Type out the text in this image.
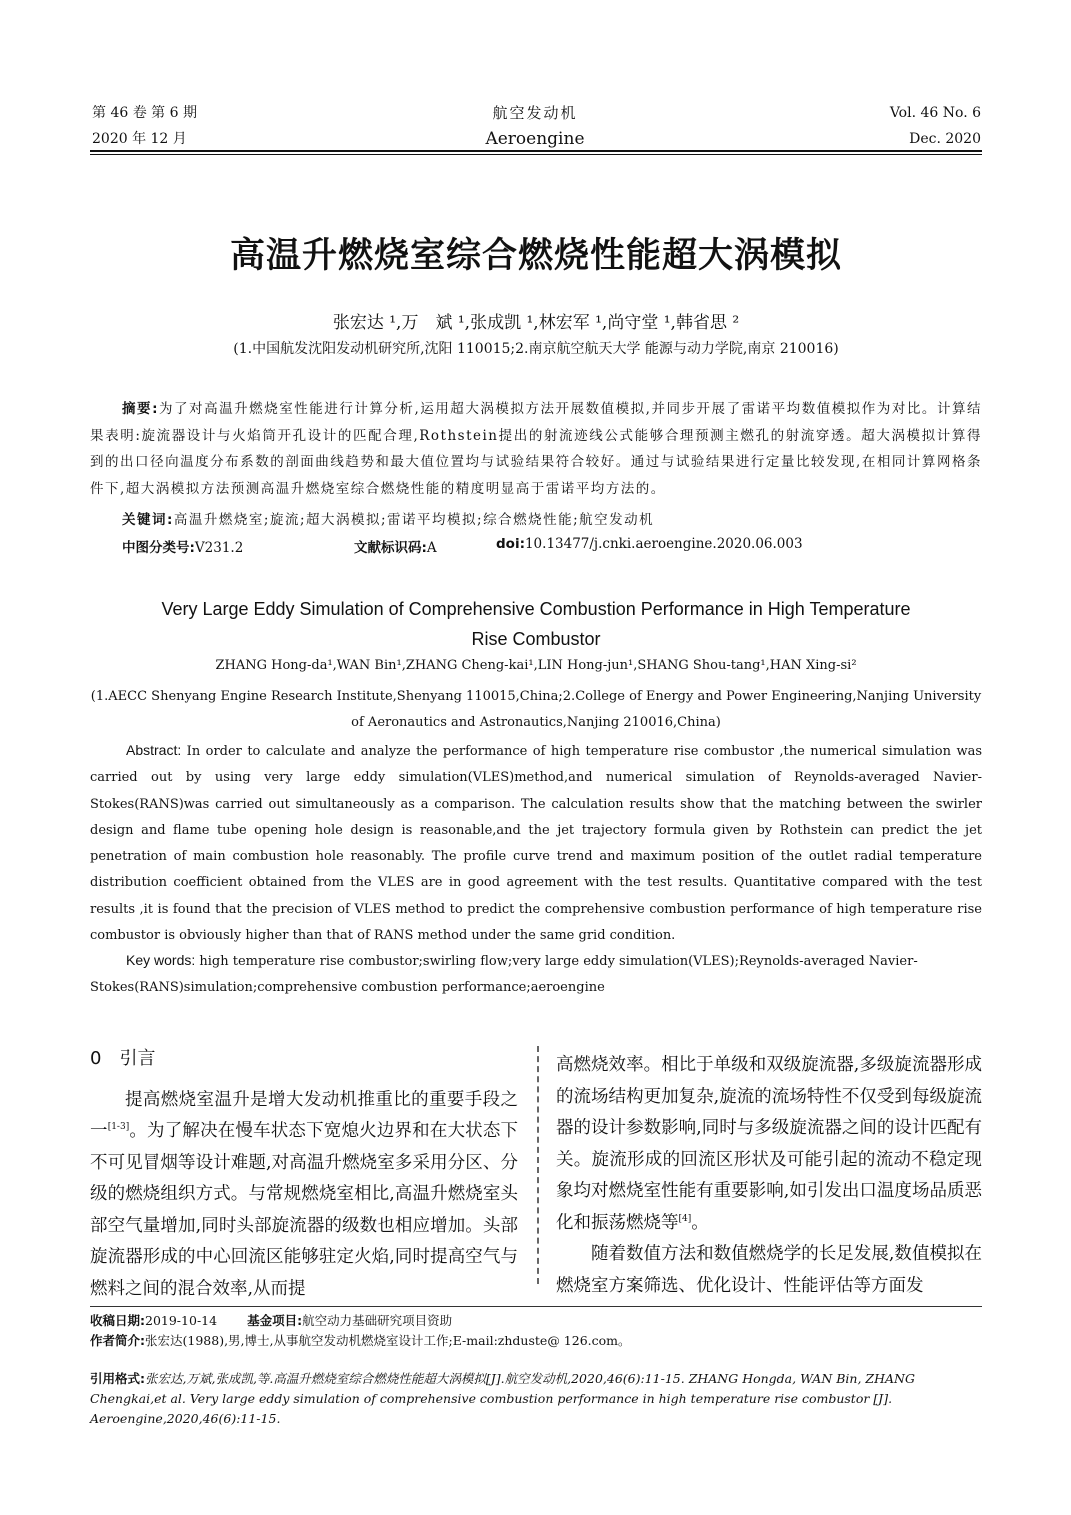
第 46 卷 第 6 期
2020 年 12 月
航空发动机
Aeroengine
Vol. 46 No. 6
Dec. 2020
高温升燃烧室综合燃烧性能超大涡模拟
张宏达 ¹,万　斌 ¹,张成凯 ¹,林宏军 ¹,尚守堂 ¹,韩省思 ²
(1.中国航发沈阳发动机研究所,沈阳 110015;2.南京航空航天大学 能源与动力学院,南京 210016)
摘要:为了对高温升燃烧室性能进行计算分析,运用超大涡模拟方法开展数值模拟,并同步开展了雷诺平均数值模拟作为对比。计算结果表明:旋流器设计与火焰筒开孔设计的匹配合理,Rothstein提出的射流迹线公式能够合理预测主燃孔的射流穿透。超大涡模拟计算得到的出口径向温度分布系数的剖面曲线趋势和最大值位置均与试验结果符合较好。通过与试验结果进行定量比较发现,在相同计算网格条件下,超大涡模拟方法预测高温升燃烧室综合燃烧性能的精度明显高于雷诺平均方法的。
关键词:高温升燃烧室;旋流;超大涡模拟;雷诺平均模拟;综合燃烧性能;航空发动机
中图分类号:V231.2	文献标识码:A	doi:10.13477/j.cnki.aeroengine.2020.06.003
Very Large Eddy Simulation of Comprehensive Combustion Performance in High Temperature Rise Combustor
ZHANG Hong-da¹,WAN Bin¹,ZHANG Cheng-kai¹,LIN Hong-jun¹,SHANG Shou-tang¹,HAN Xing-si²
(1.AECC Shenyang Engine Research Institute,Shenyang 110015,China;2.College of Energy and Power Engineering,Nanjing University of Aeronautics and Astronautics,Nanjing 210016,China)
Abstract: In order to calculate and analyze the performance of high temperature rise combustor ,the numerical simulation was carried out by using very large eddy simulation(VLES)method,and numerical simulation of Reynolds-averaged Navier-Stokes(RANS)was carried out simultaneously as a comparison. The calculation results show that the matching between the swirler design and flame tube opening hole design is reasonable,and the jet trajectory formula given by Rothstein can predict the jet penetration of main combustion hole reasonably. The profile curve trend and maximum position of the outlet radial temperature distribution coefficient obtained from the VLES are in good agreement with the test results. Quantitative compared with the test results ,it is found that the precision of VLES method to predict the comprehensive combustion performance of high temperature rise combustor is obviously higher than that of RANS method under the same grid condition.
Key words: high temperature rise combustor;swirling flow;very large eddy simulation(VLES);Reynolds-averaged Navier-Stokes(RANS)simulation;comprehensive combustion performance;aeroengine

0　引言

提高燃烧室温升是增大发动机推重比的重要手段之一[1-3]。为了解决在慢车状态下宽熄火边界和在大状态下不可见冒烟等设计难题,对高温升燃烧室多采用分区、分级的燃烧组织方式。与常规燃烧室相比,高温升燃烧室头部空气量增加,同时头部旋流器的级数也相应增加。头部旋流器形成的中心回流区能够驻定火焰,同时提高空气与燃料之间的混合效率,从而提

高燃烧效率。相比于单级和双级旋流器,多级旋流器形成的流场结构更加复杂,旋流的流场特性不仅受到每级旋流器的设计参数影响,同时与多级旋流器之间的设计匹配有关。旋流形成的回流区形状及可能引起的流动不稳定现象均对燃烧室性能有重要影响,如引发出口温度场品质恶化和振荡燃烧等[4]。

随着数值方法和数值燃烧学的长足发展,数值模拟在燃烧室方案筛选、优化设计、性能评估等方面发

收稿日期:2019-10-14 基金项目:航空动力基础研究项目资助
作者简介:张宏达(1988),男,博士,从事航空发动机燃烧室设计工作;E-mail:zhduste@ 126.com。
引用格式:张宏达,万斌,张成凯,等.高温升燃烧室综合燃烧性能超大涡模拟[J].航空发动机,2020,46(6):11-15. ZHANG Hongda, WAN Bin, ZHANG Chengkai,et al. Very large eddy simulation of comprehensive combustion performance in high temperature rise combustor [J]. Aeroengine,2020,46(6):11-15.
